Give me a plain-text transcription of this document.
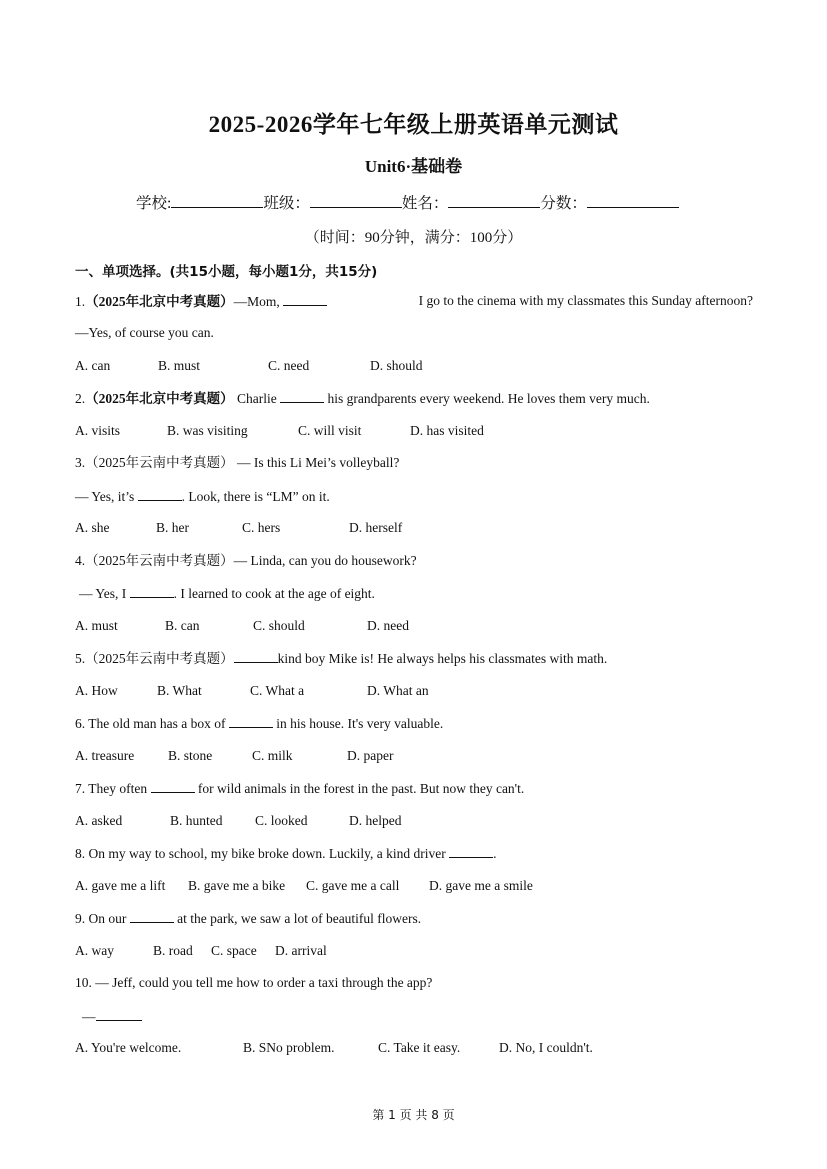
2025-2026学年七年级上册英语单元测试
Unit6·基础卷
学校:	班级：	姓名：	分数：
（时间：90分钟，满分：100分）
一、单项选择。(共15小题，每小题1分，共15分)
1.（2025年北京中考真题）—Mom,	I go to the cinema with my classmates this Sunday afternoon?
—Yes, of course you can.
A. can	B. must	C. need	D. should
2.（2025年北京中考真题） Charlie	his grandparents every weekend. He loves them very much.
A. visits	B. was visiting	C. will visit	D. has visited
3.（2025年云南中考真题） — Is this Li Mei’s volleyball?
— Yes, it’s	. Look, there is “LM” on it.
A. she	B. her	C. hers	D. herself
4.（2025年云南中考真题）— Linda, can you do housework?
— Yes, I	. I learned to cook at the age of eight.
A. must	B. can	C. should	D. need
5.（2025年云南中考真题）	kind boy Mike is! He always helps his classmates with math.
A. How	B. What	C. What a	D. What an
6. The old man has a box of	in his house. It's very valuable.
A. treasure	B. stone	C. milk	D. paper
7. They often	for wild animals in the forest in the past. But now they can't.
A. asked	B. hunted C. looked	D. helped
8. On my way to school, my bike broke down. Luckily, a kind driver	.
A. gave me a lift B. gave me a bike C. gave me a call D. gave me a smile
9. On our	at the park, we saw a lot of beautiful flowers.
A. way	B. road C. space D. arrival
10. — Jeff, could you tell me how to order a taxi through the app?
—
A. You're welcome.	B. SNo problem.	C. Take it easy.	D. No, I couldn't.
第 1 页 共 8 页
